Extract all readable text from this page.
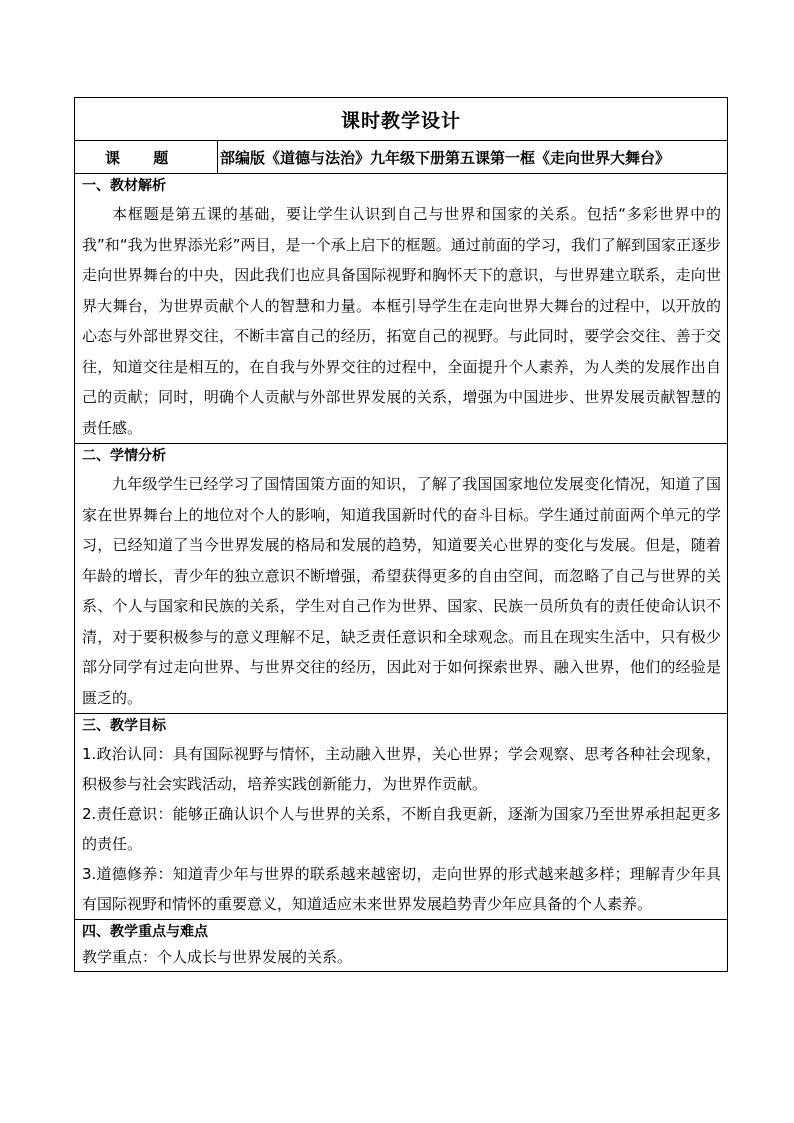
课时教学设计
课 题	部编版《道德与法治》九年级下册第五课第一框《走向世界大舞台》
一、教材解析

本框题是第五课的基础，要让学生认识到自己与世界和国家的关系。包括“多彩世界中的我”和“我为世界添光彩”两目，是一个承上启下的框题。通过前面的学习，我们了解到国家正逐步走向世界舞台的中央，因此我们也应具备国际视野和胸怀天下的意识，与世界建立联系，走向世界大舞台，为世界贡献个人的智慧和力量。本框引导学生在走向世界大舞台的过程中，以开放的心态与外部世界交往，不断丰富自己的经历，拓宽自己的视野。与此同时，要学会交往、善于交往，知道交往是相互的，在自我与外界交往的过程中，全面提升个人素养，为人类的发展作出自己的贡献；同时，明确个人贡献与外部世界发展的关系，增强为中国进步、世界发展贡献智慧的责任感。

二、学情分析

九年级学生已经学习了国情国策方面的知识，了解了我国国家地位发展变化情况，知道了国家在世界舞台上的地位对个人的影响，知道我国新时代的奋斗目标。学生通过前面两个单元的学习，已经知道了当今世界发展的格局和发展的趋势，知道要关心世界的变化与发展。但是，随着年龄的增长，青少年的独立意识不断增强，希望获得更多的自由空间，而忽略了自己与世界的关系、个人与国家和民族的关系，学生对自己作为世界、国家、民族一员所负有的责任使命认识不清，对于要积极参与的意义理解不足，缺乏责任意识和全球观念。而且在现实生活中，只有极少部分同学有过走向世界、与世界交往的经历，因此对于如何探索世界、融入世界，他们的经验是匮乏的。

三、教学目标

1.政治认同：具有国际视野与情怀，主动融入世界，关心世界；学会观察、思考各种社会现象，积极参与社会实践活动，培养实践创新能力，为世界作贡献。

2.责任意识：能够正确认识个人与世界的关系，不断自我更新，逐渐为国家乃至世界承担起更多的责任。

3.道德修养：知道青少年与世界的联系越来越密切，走向世界的形式越来越多样；理解青少年具有国际视野和情怀的重要意义，知道适应未来世界发展趋势青少年应具备的个人素养。

四、教学重点与难点

教学重点：个人成长与世界发展的关系。
